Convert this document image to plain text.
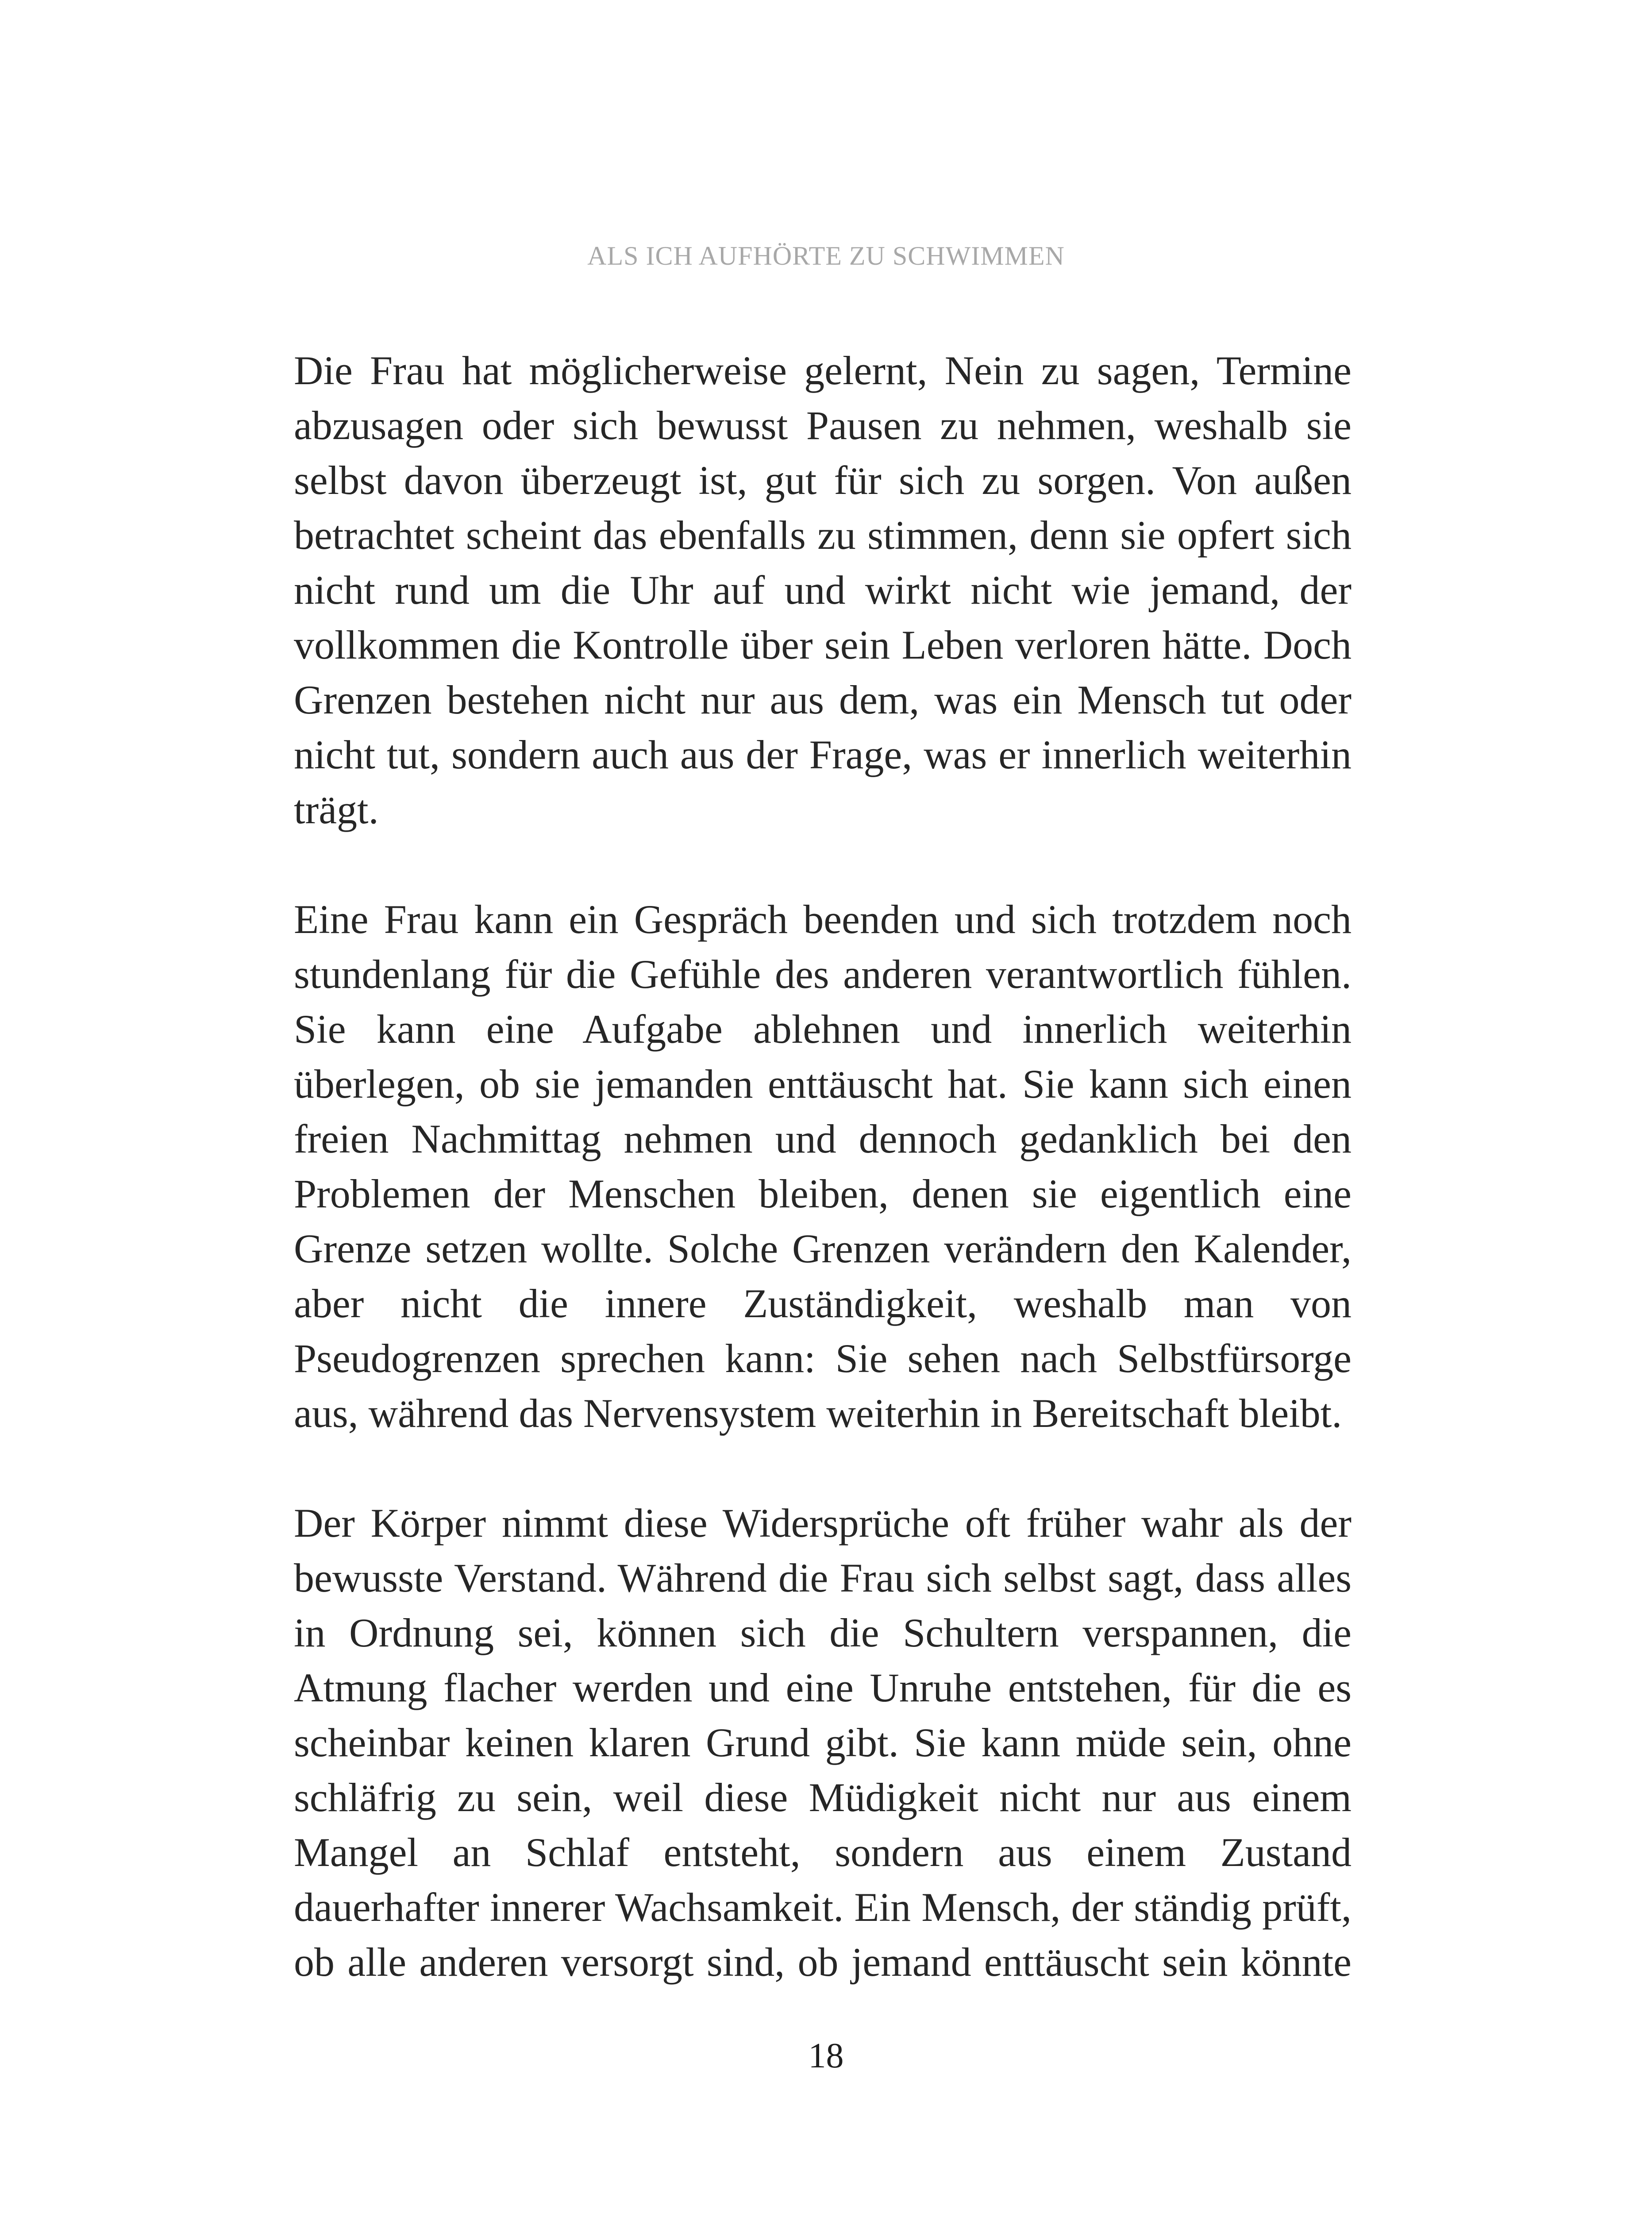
ALS ICH AUFHÖRTE ZU SCHWIMMEN

Die Frau hat möglicherweise gelernt, Nein zu sagen, Termine abzusagen oder sich bewusst Pausen zu nehmen, weshalb sie selbst davon überzeugt ist, gut für sich zu sorgen. Von außen betrachtet scheint das ebenfalls zu stimmen, denn sie opfert sich nicht rund um die Uhr auf und wirkt nicht wie jemand, der vollkommen die Kontrolle über sein Leben verloren hätte. Doch Grenzen bestehen nicht nur aus dem, was ein Mensch tut oder nicht tut, sondern auch aus der Frage, was er innerlich weiterhin trägt.

Eine Frau kann ein Gespräch beenden und sich trotzdem noch stundenlang für die Gefühle des anderen verantwortlich fühlen. Sie kann eine Aufgabe ablehnen und innerlich weiterhin überlegen, ob sie jemanden enttäuscht hat. Sie kann sich einen freien Nachmittag nehmen und dennoch gedanklich bei den Problemen der Menschen bleiben, denen sie eigentlich eine Grenze setzen wollte. Solche Grenzen verändern den Kalender, aber nicht die innere Zuständigkeit, weshalb man von Pseudogrenzen sprechen kann: Sie sehen nach Selbstfürsorge aus, während das Nervensystem weiterhin in Bereitschaft bleibt.

Der Körper nimmt diese Widersprüche oft früher wahr als der bewusste Verstand. Während die Frau sich selbst sagt, dass alles in Ordnung sei, können sich die Schultern verspannen, die Atmung flacher werden und eine Unruhe entstehen, für die es scheinbar keinen klaren Grund gibt. Sie kann müde sein, ohne schläfrig zu sein, weil diese Müdigkeit nicht nur aus einem Mangel an Schlaf entsteht, sondern aus einem Zustand dauerhafter innerer Wachsamkeit. Ein Mensch, der ständig prüft, ob alle anderen versorgt sind, ob jemand enttäuscht sein könnte

18
